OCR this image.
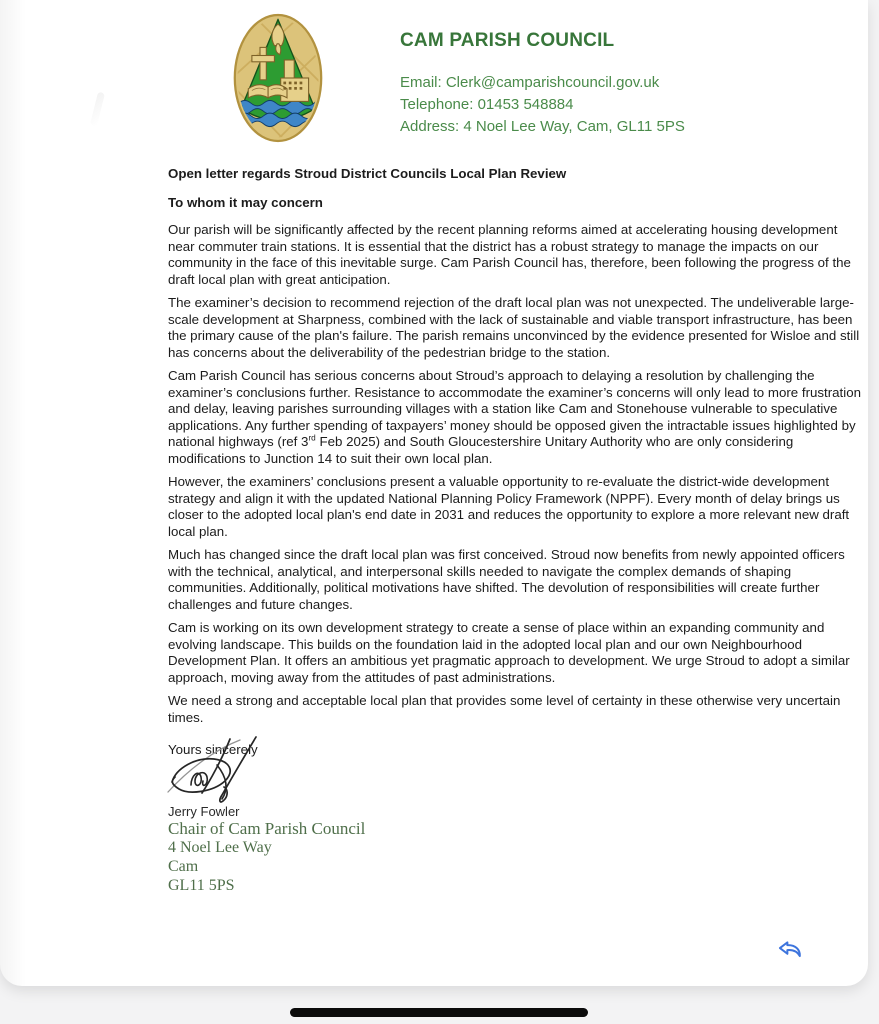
CAM PARISH COUNCIL
Email: Clerk@camparishcouncil.gov.uk
Telephone: 01453 548884
Address: 4 Noel Lee Way, Cam, GL11 5PS
Open letter regards Stroud District Councils Local Plan Review
To whom it may concern

Our parish will be significantly affected by the recent planning reforms aimed at accelerating housing development near commuter train stations. It is essential that the district has a robust strategy to manage the impacts on our community in the face of this inevitable surge. Cam Parish Council has, therefore, been following the progress of the draft local plan with great anticipation.

The examiner’s decision to recommend rejection of the draft local plan was not unexpected. The undeliverable large-scale development at Sharpness, combined with the lack of sustainable and viable transport infrastructure, has been the primary cause of the plan's failure. The parish remains unconvinced by the evidence presented for Wisloe and still has concerns about the deliverability of the pedestrian bridge to the station.

Cam Parish Council has serious concerns about Stroud’s approach to delaying a resolution by challenging the examiner’s conclusions further. Resistance to accommodate the examiner’s concerns will only lead to more frustration and delay, leaving parishes surrounding villages with a station like Cam and Stonehouse vulnerable to speculative applications. Any further spending of taxpayers’ money should be opposed given the intractable issues highlighted by national highways (ref 3rd Feb 2025) and South Gloucestershire Unitary Authority who are only considering modifications to Junction 14 to suit their own local plan.

However, the examiners’ conclusions present a valuable opportunity to re-evaluate the district-wide development strategy and align it with the updated National Planning Policy Framework (NPPF). Every month of delay brings us closer to the adopted local plan's end date in 2031 and reduces the opportunity to explore a more relevant new draft local plan.

Much has changed since the draft local plan was first conceived. Stroud now benefits from newly appointed officers with the technical, analytical, and interpersonal skills needed to navigate the complex demands of shaping communities. Additionally, political motivations have shifted. The devolution of responsibilities will create further challenges and future changes.

Cam is working on its own development strategy to create a sense of place within an expanding community and evolving landscape. This builds on the foundation laid in the adopted local plan and our own Neighbourhood Development Plan. It offers an ambitious yet pragmatic approach to development. We urge Stroud to adopt a similar approach, moving away from the attitudes of past administrations.

We need a strong and acceptable local plan that provides some level of certainty in these otherwise very uncertain times.

Yours sincerely
Jerry Fowler
Chair of Cam Parish Council
4 Noel Lee Way
Cam
GL11 5PS
